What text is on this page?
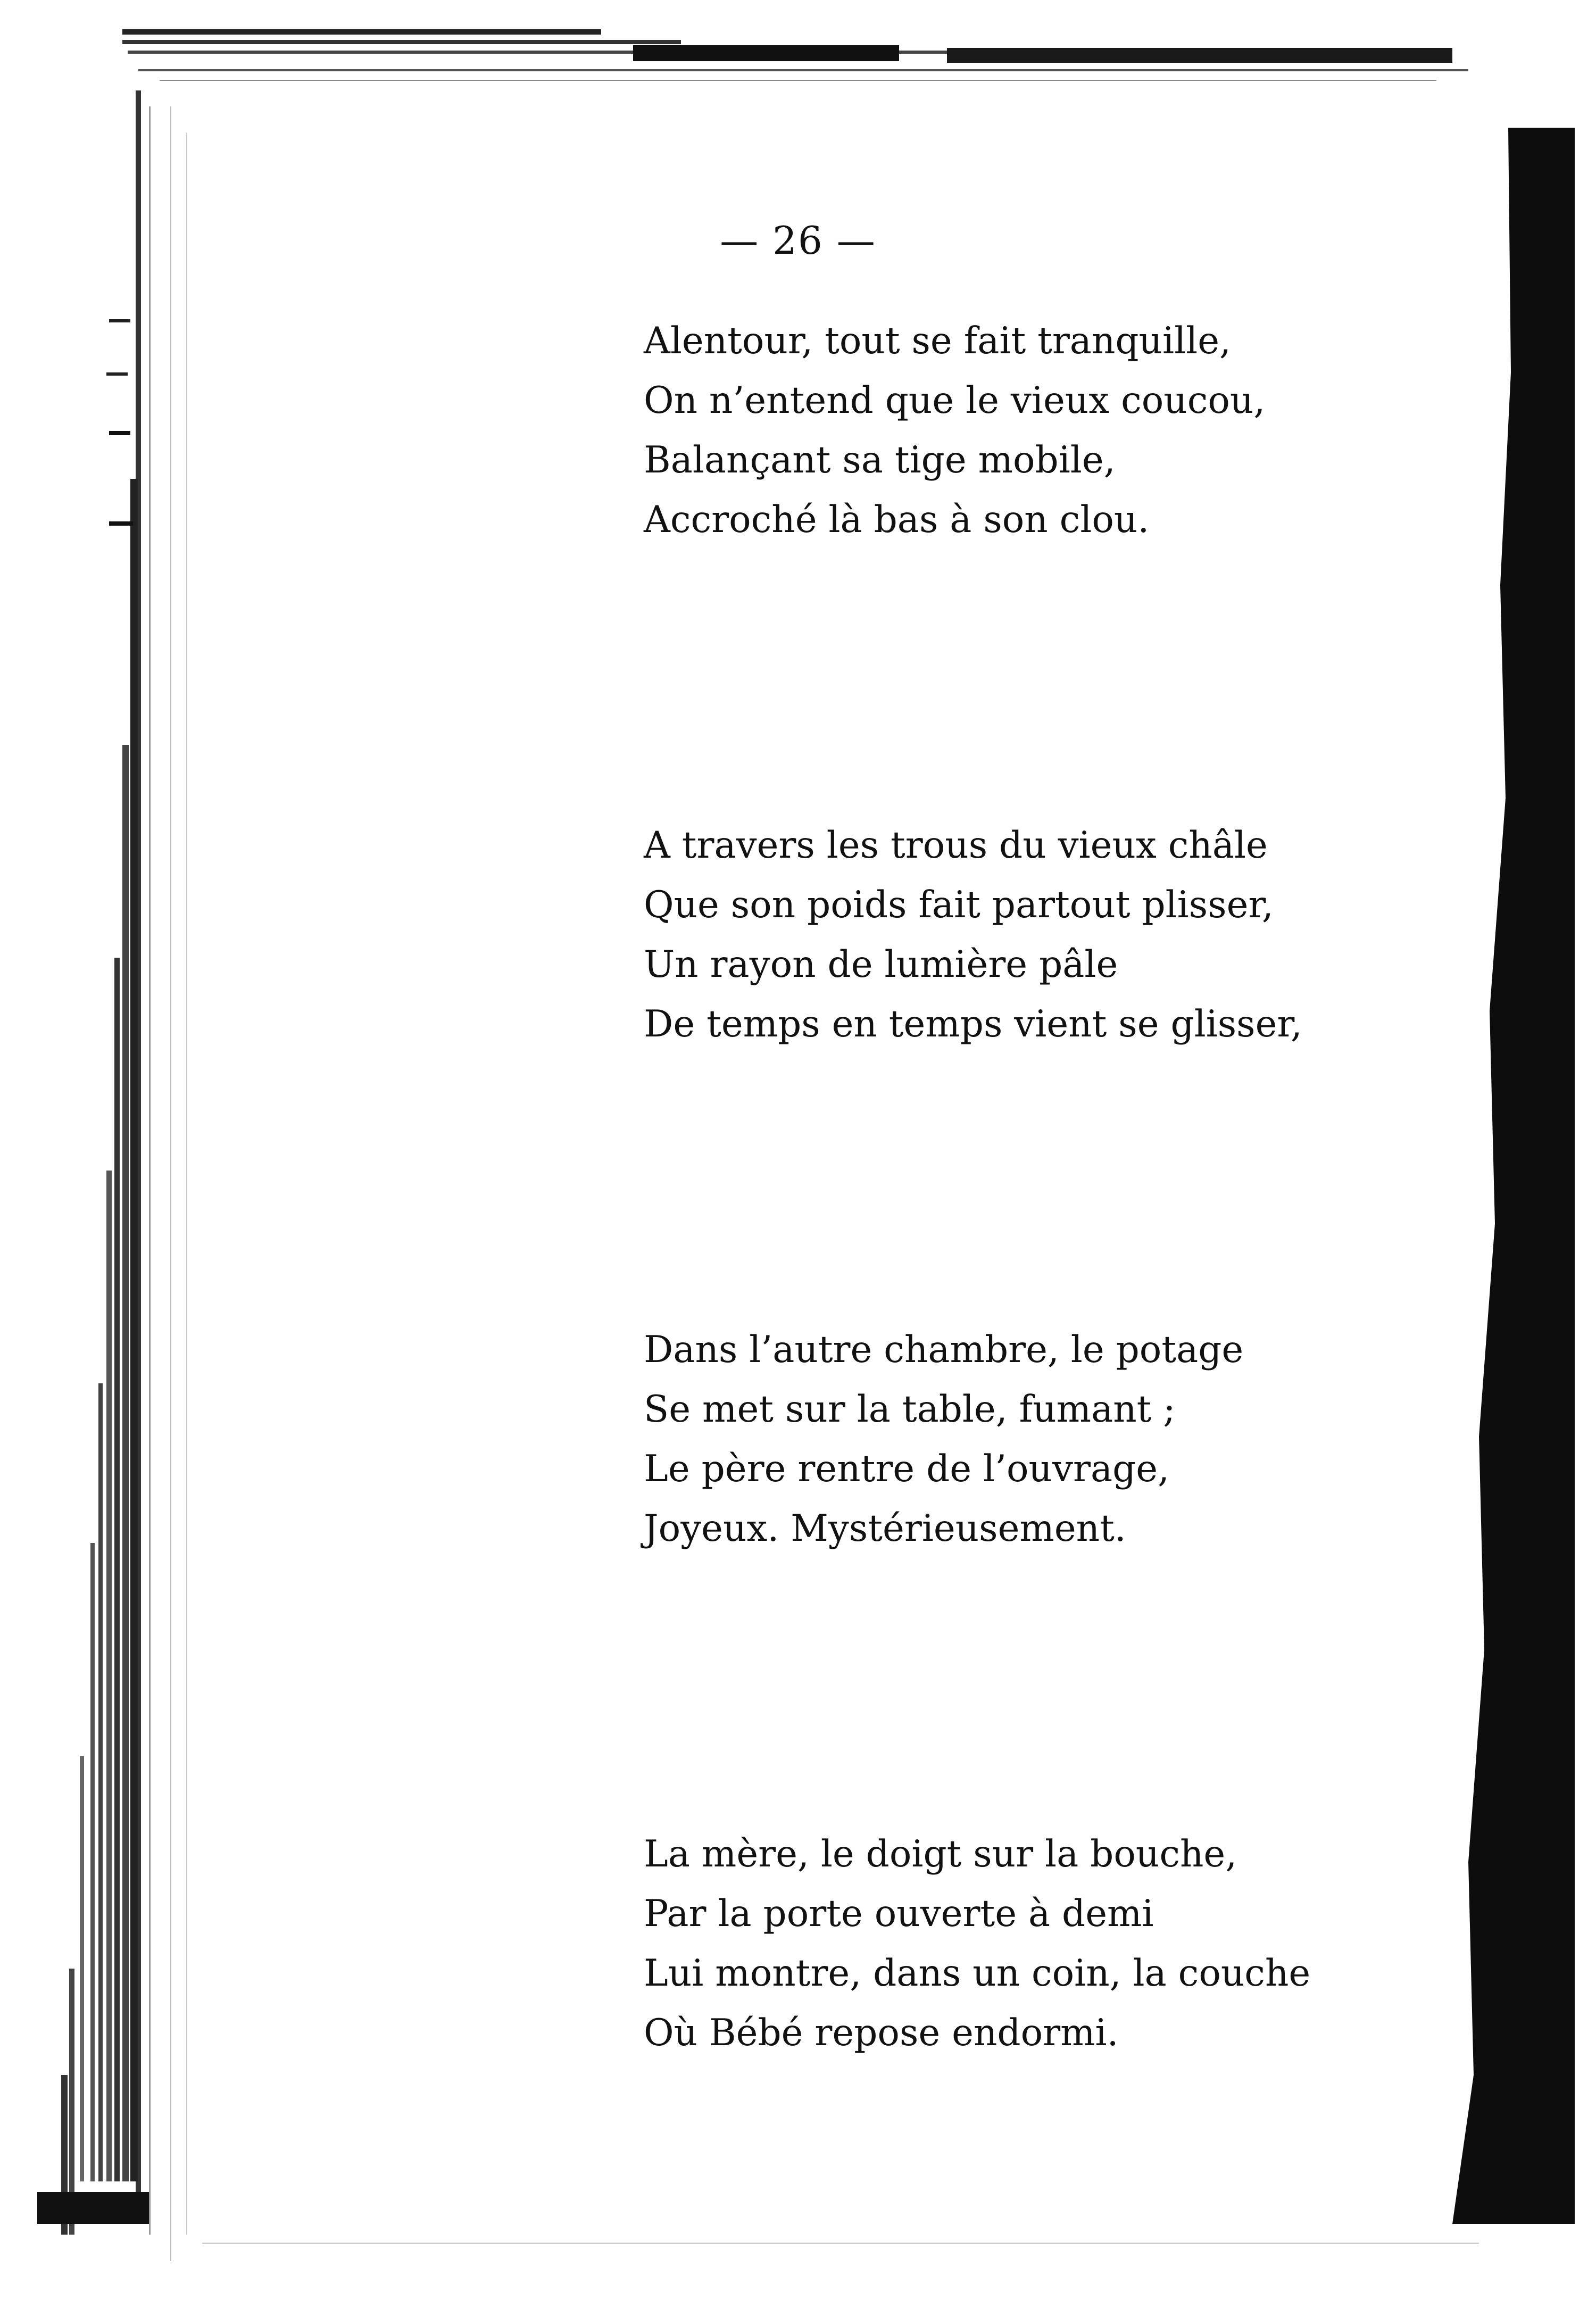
— 26 —
Alentour, tout se fait tranquille,
On n’entend que le vieux coucou,
Balançant sa tige mobile,
Accroché là bas à son clou.
A travers les trous du vieux châle
Que son poids fait partout plisser,
Un rayon de lumière pâle
De temps en temps vient se glisser,
Dans l’autre chambre, le potage
Se met sur la table, fumant ;
Le père rentre de l’ouvrage,
Joyeux. Mystérieusement.
La mère, le doigt sur la bouche,
Par la porte ouverte à demi
Lui montre, dans un coin, la couche
Où Bébé repose endormi.
